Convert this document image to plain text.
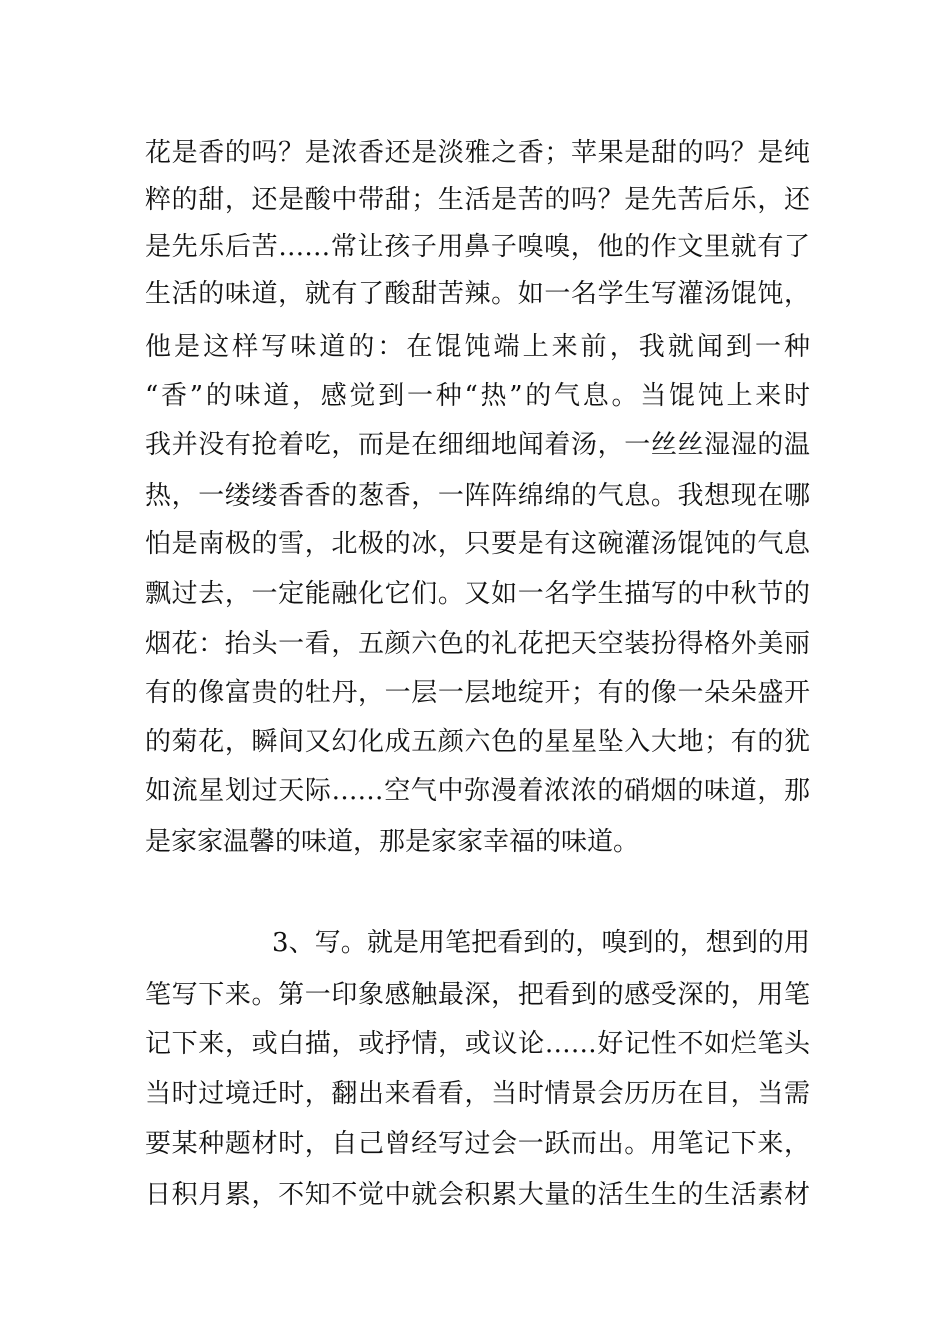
花是香的吗？是浓香还是淡雅之香；苹果是甜的吗？是纯
粹的甜，还是酸中带甜；生活是苦的吗？是先苦后乐，还
是先乐后苦……常让孩子用鼻子嗅嗅，他的作文里就有了
生活的味道，就有了酸甜苦辣。如一名学生写灌汤馄饨，
他是这样写味道的：在馄饨端上来前，我就闻到一种
“香”的味道，感觉到一种“热”的气息。当馄饨上来时
我并没有抢着吃，而是在细细地闻着汤，一丝丝湿湿的温
热，一缕缕香香的葱香，一阵阵绵绵的气息。我想现在哪
怕是南极的雪，北极的冰，只要是有这碗灌汤馄饨的气息
飘过去，一定能融化它们。又如一名学生描写的中秋节的
烟花：抬头一看，五颜六色的礼花把天空装扮得格外美丽
有的像富贵的牡丹，一层一层地绽开；有的像一朵朵盛开
的菊花，瞬间又幻化成五颜六色的星星坠入大地；有的犹
如流星划过天际……空气中弥漫着浓浓的硝烟的味道，那
是家家温馨的味道，那是家家幸福的味道。
3、写。就是用笔把看到的，嗅到的，想到的用
笔写下来。第一印象感触最深，把看到的感受深的，用笔
记下来，或白描，或抒情，或议论……好记性不如烂笔头
当时过境迁时，翻出来看看，当时情景会历历在目，当需
要某种题材时，自己曾经写过会一跃而出。用笔记下来，
日积月累，不知不觉中就会积累大量的活生生的生活素材
